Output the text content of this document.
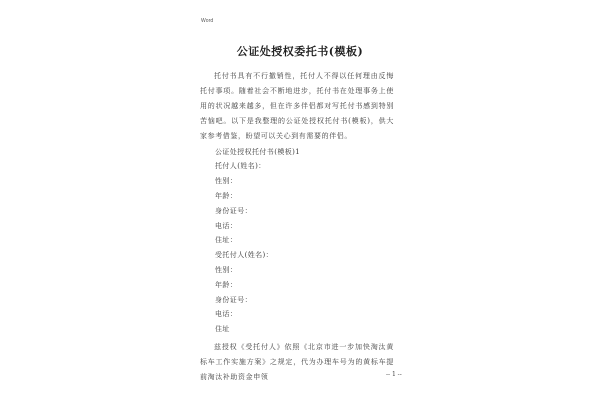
Word
公证处授权委托书(模板)
托付书具有不行撤销性，托付人不得以任何理由反悔托付事项。随着社会不断地进步，托付书在处理事务上使用的状况越来越多，但在许多伴侣都对写托付书感到特别苦恼吧。以下是我整理的公证处授权托付书(模板)，供大家参考借鉴，盼望可以关心到有需要的伴侣。
公证处授权托付书(模板)1
托付人(姓名)：
性别：
年龄：
身份证号：
电话：
住址：
受托付人(姓名)：
性别：
年龄：
身份证号：
电话：
住址
兹授权《受托付人》依照《北京市进一步加快淘汰黄标车工作实施方案》之规定，代为办理车号为的黄标车提前淘汰补助资金申领	-- 1 --
